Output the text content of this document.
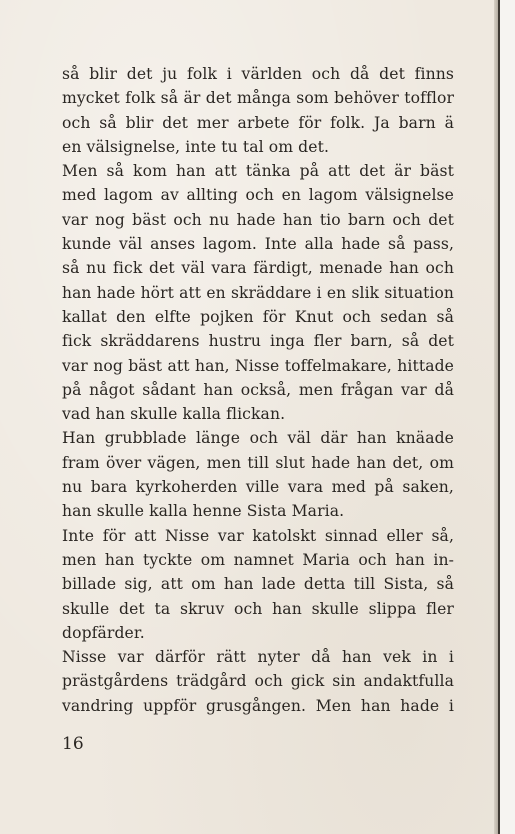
så blir det ju folk i världen och då det finns
mycket folk så är det många som behöver tofflor
och så blir det mer arbete för folk. Ja barn ä
en välsignelse, inte tu tal om det.

Men så kom han att tänka på att det är bäst
med lagom av allting och en lagom välsignelse
var nog bäst och nu hade han tio barn och det
kunde väl anses lagom. Inte alla hade så pass,
så nu fick det väl vara färdigt, menade han och
han hade hört att en skräddare i en slik situation
kallat den elfte pojken för Knut och sedan så
fick skräddarens hustru inga fler barn, så det
var nog bäst att han, Nisse toffelmakare, hittade
på något sådant han också, men frågan var då
vad han skulle kalla flickan.

Han grubblade länge och väl där han knäade
fram över vägen, men till slut hade han det, om
nu bara kyrkoherden ville vara med på saken,
han skulle kalla henne Sista Maria.

Inte för att Nisse var katolskt sinnad eller så,
men han tyckte om namnet Maria och han in-
billade sig, att om han lade detta till Sista, så
skulle det ta skruv och han skulle slippa fler
dopfärder.

Nisse var därför rätt nyter då han vek in i
prästgårdens trädgård och gick sin andaktfulla
vandring uppför grusgången. Men han hade i

16
